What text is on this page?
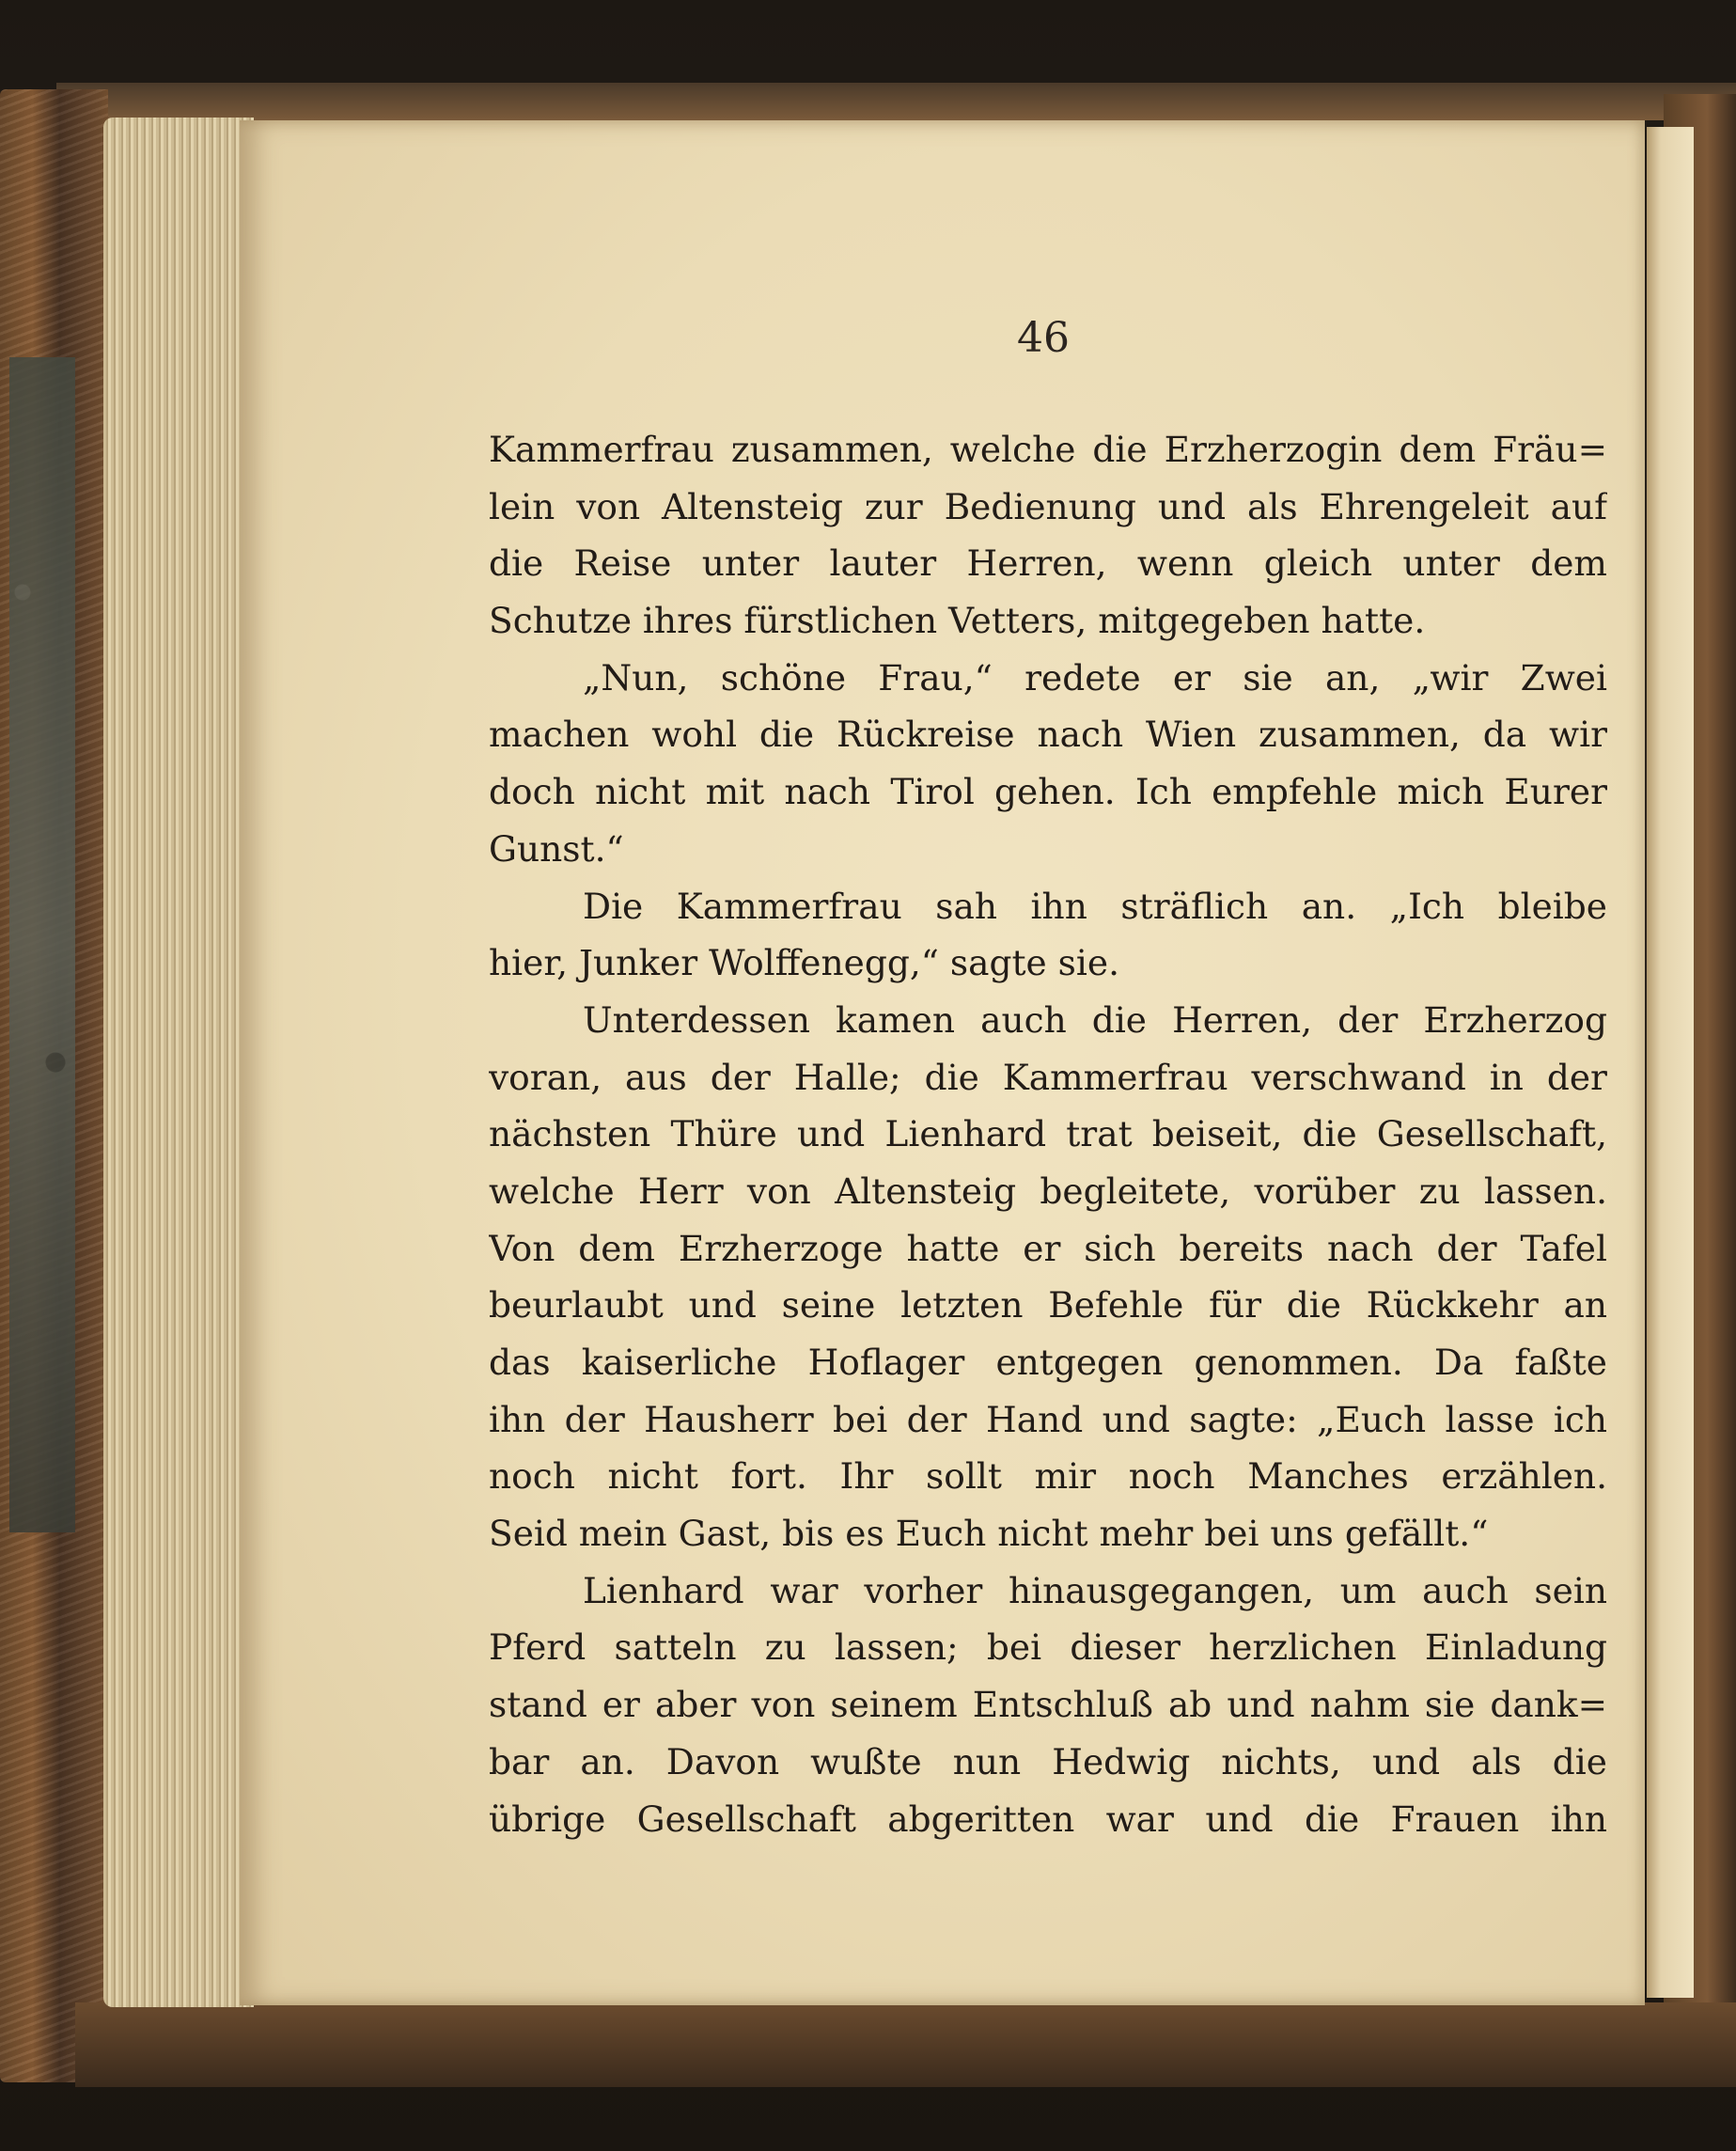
46
Kammerfrau zusammen, welche die Erzherzogin dem Fräu=
lein von Altensteig zur Bedienung und als Ehrengeleit auf
die Reise unter lauter Herren, wenn gleich unter dem
Schutze ihres fürstlichen Vetters, mitgegeben hatte.
„Nun, schöne Frau,“ redete er sie an, „wir Zwei
machen wohl die Rückreise nach Wien zusammen, da wir
doch nicht mit nach Tirol gehen. Ich empfehle mich Eurer
Gunst.“
Die Kammerfrau sah ihn sträflich an. „Ich bleibe
hier, Junker Wolffenegg,“ sagte sie.
Unterdessen kamen auch die Herren, der Erzherzog
voran, aus der Halle; die Kammerfrau verschwand in der
nächsten Thüre und Lienhard trat beiseit, die Gesellschaft,
welche Herr von Altensteig begleitete, vorüber zu lassen.
Von dem Erzherzoge hatte er sich bereits nach der Tafel
beurlaubt und seine letzten Befehle für die Rückkehr an
das kaiserliche Hoflager entgegen genommen. Da faßte
ihn der Hausherr bei der Hand und sagte: „Euch lasse ich
noch nicht fort. Ihr sollt mir noch Manches erzählen.
Seid mein Gast, bis es Euch nicht mehr bei uns gefällt.“
Lienhard war vorher hinausgegangen, um auch sein
Pferd satteln zu lassen; bei dieser herzlichen Einladung
stand er aber von seinem Entschluß ab und nahm sie dank=
bar an. Davon wußte nun Hedwig nichts, und als die
übrige Gesellschaft abgeritten war und die Frauen ihn
